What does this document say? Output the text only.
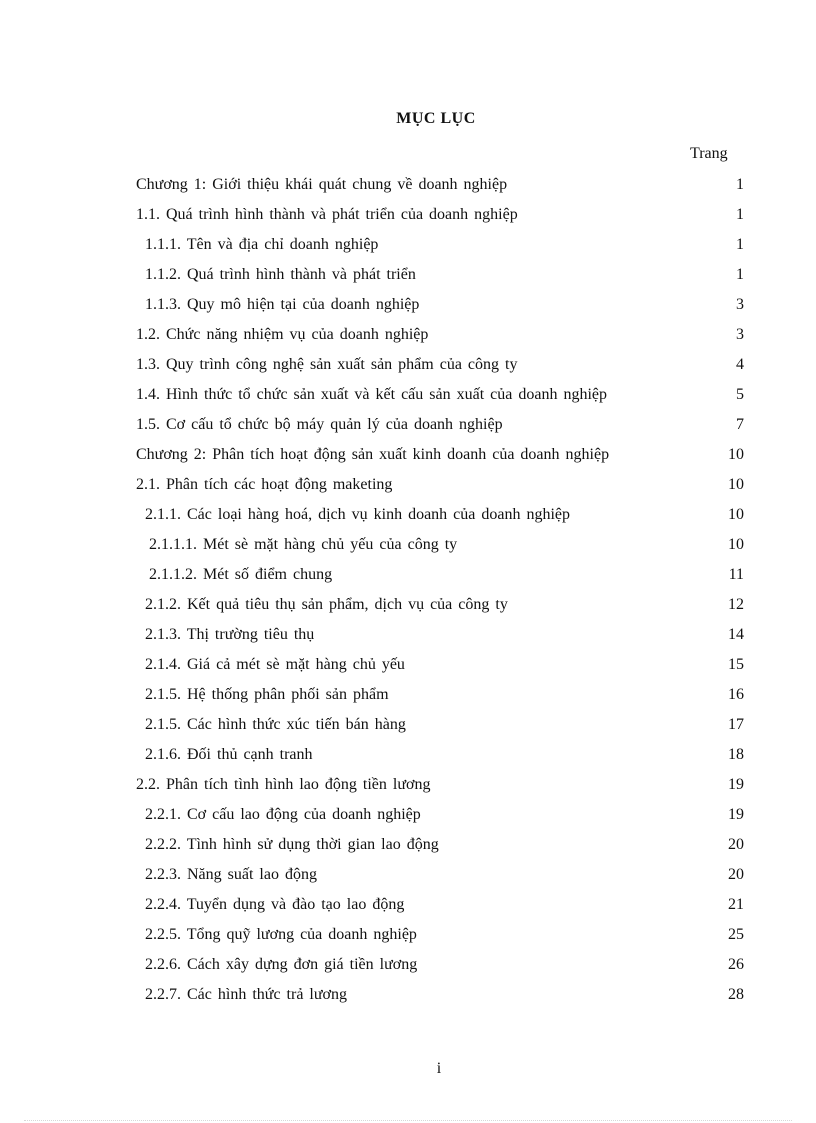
MỤC LỤC
Trang
Chương 1: Giới thiệu khái quát chung về doanh nghiệp	1
1.1. Quá trình hình thành và phát triển của doanh nghiệp	1
1.1.1. Tên và địa chỉ doanh nghiệp	1
1.1.2. Quá trình hình thành và phát triển	1
1.1.3. Quy mô hiện tại của doanh nghiệp	3
1.2. Chức năng nhiệm vụ của doanh nghiệp	3
1.3. Quy trình công nghệ sản xuất sản phẩm của công ty	4
1.4. Hình thức tổ chức sản xuất và kết cấu sản xuất của doanh nghiệp	5
1.5. Cơ cấu tổ chức bộ máy quản lý của doanh nghiệp	7
Chương 2: Phân tích hoạt động sản xuất kinh doanh của doanh nghiệp	10
2.1. Phân tích các hoạt động maketing	10
2.1.1. Các loại hàng hoá, dịch vụ kinh doanh của doanh nghiệp	10
2.1.1.1. Mét sè mặt hàng chủ yếu của công ty	10
2.1.1.2. Mét số điểm chung	11
2.1.2. Kết quả tiêu thụ sản phẩm, dịch vụ của công ty	12
2.1.3. Thị trường tiêu thụ	14
2.1.4. Giá cả mét sè mặt hàng chủ yếu	15
2.1.5. Hệ thống phân phối sản phẩm	16
2.1.5. Các hình thức xúc tiến bán hàng	17
2.1.6. Đối thủ cạnh tranh	18
2.2. Phân tích tình hình lao động tiền lương	19
2.2.1. Cơ cấu lao động của doanh nghiệp	19
2.2.2. Tình hình sử dụng thời gian lao động	20
2.2.3. Năng suất lao động	20
2.2.4. Tuyển dụng và đào tạo lao động	21
2.2.5. Tổng quỹ lương của doanh nghiệp	25
2.2.6. Cách xây dựng đơn giá tiền lương	26
2.2.7. Các hình thức trả lương	28
i
